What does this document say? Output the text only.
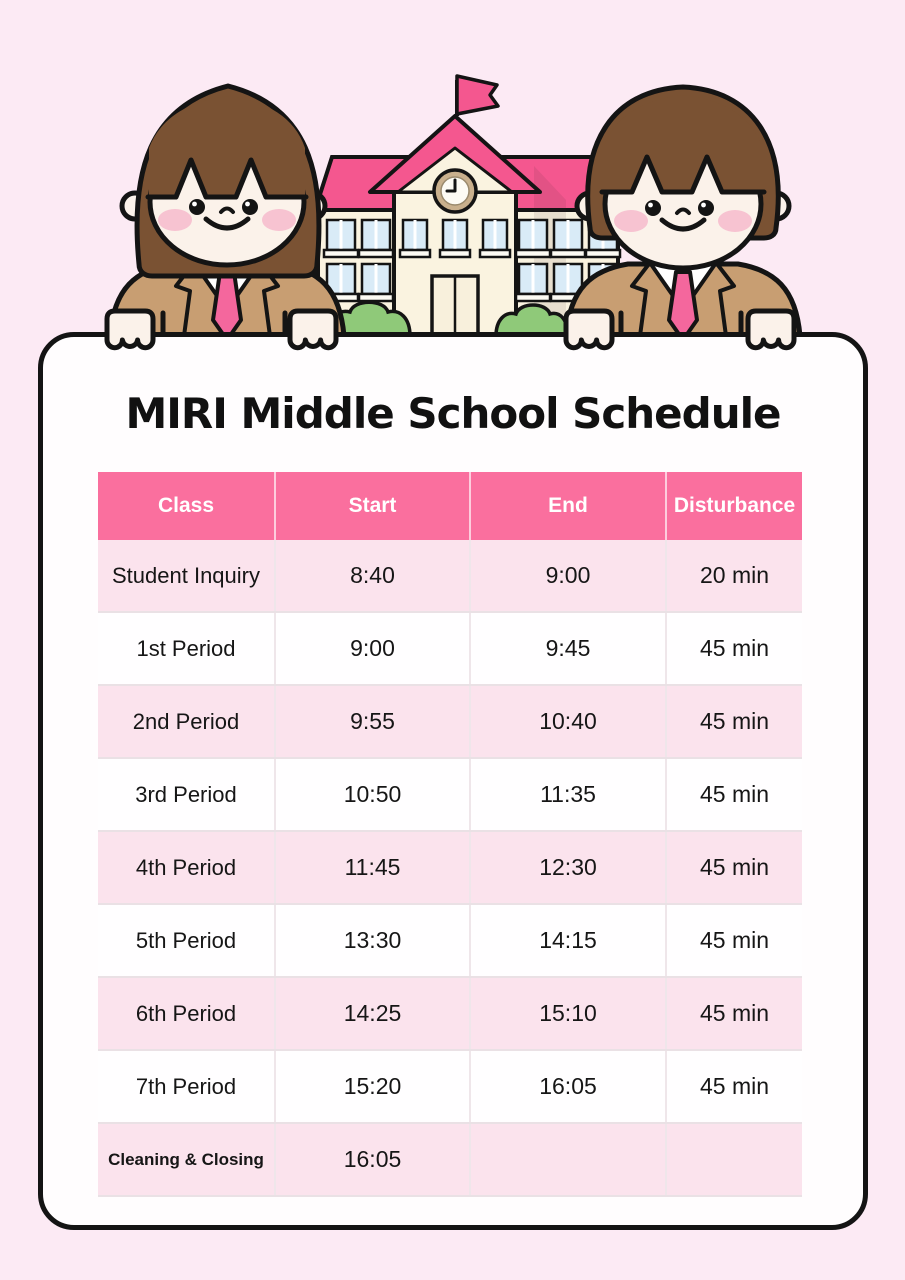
MIRI Middle School Schedule
Class	Start	End	Disturbance
Student Inquiry	8:40	9:00	20 min
1st Period	9:00	9:45	45 min
2nd Period	9:55	10:40	45 min
3rd Period	10:50	11:35	45 min
4th Period	11:45	12:30	45 min
5th Period	13:30	14:15	45 min
6th Period	14:25	15:10	45 min
7th Period	15:20	16:05	45 min
Cleaning & Closing	16:05		
